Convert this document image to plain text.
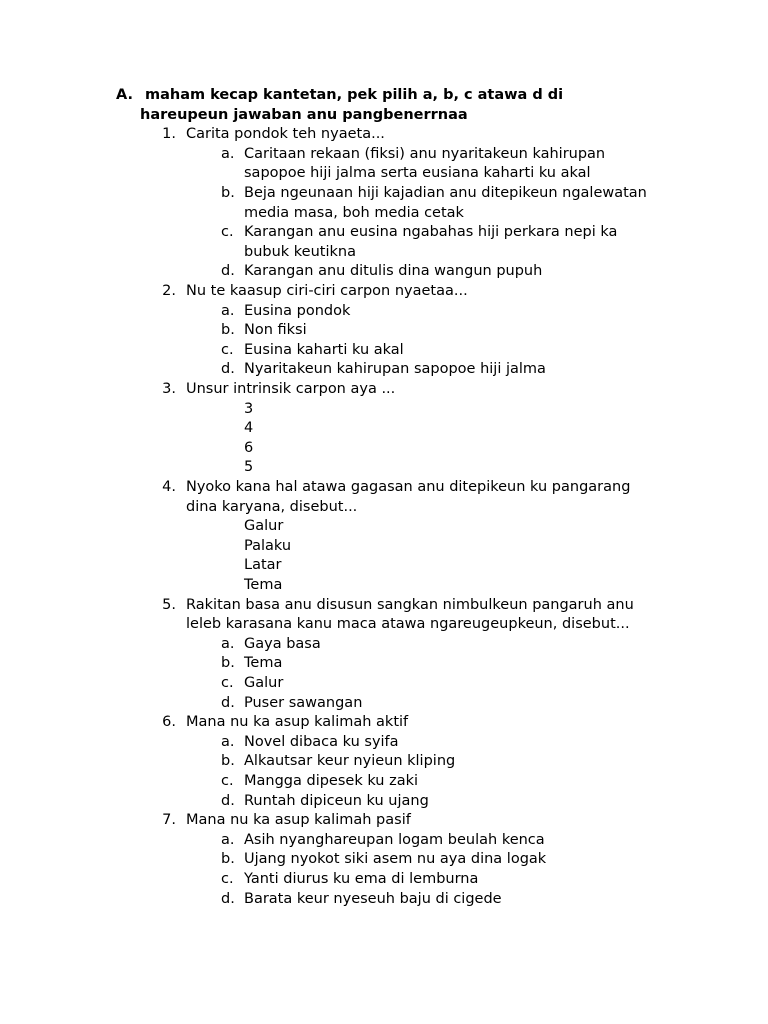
A. maham kecap kantetan, pek pilih a, b, c atawa d di
hareupeun jawaban anu pangbenerrnaa
1. Carita pondok teh nyaeta...
a. Caritaan rekaan (fiksi) anu nyaritakeun kahirupan
sapopoe hiji jalma serta eusiana kaharti ku akal
b. Beja ngeunaan hiji kajadian anu ditepikeun ngalewatan
media masa, boh media cetak
c. Karangan anu eusina ngabahas hiji perkara nepi ka
bubuk keutikna
d. Karangan anu ditulis dina wangun pupuh
2. Nu te kaasup ciri-ciri carpon nyaetaa...
a. Eusina pondok
b. Non fiksi
c. Eusina kaharti ku akal
d. Nyaritakeun kahirupan sapopoe hiji jalma
3. Unsur intrinsik carpon aya ...
3
4
6
5
4. Nyoko kana hal atawa gagasan anu ditepikeun ku pangarang
dina karyana, disebut...
Galur
Palaku
Latar
Tema
5. Rakitan basa anu disusun sangkan nimbulkeun pangaruh anu
leleb karasana kanu maca atawa ngareugeupkeun, disebut...
a. Gaya basa
b. Tema
c. Galur
d. Puser sawangan
6. Mana nu ka asup kalimah aktif
a. Novel dibaca ku syifa
b. Alkautsar keur nyieun kliping
c. Mangga dipesek ku zaki
d. Runtah dipiceun ku ujang
7. Mana nu ka asup kalimah pasif
a. Asih nyanghareupan logam beulah kenca
b. Ujang nyokot siki asem nu aya dina logak
c. Yanti diurus ku ema di lemburna
d. Barata keur nyeseuh baju di cigede
